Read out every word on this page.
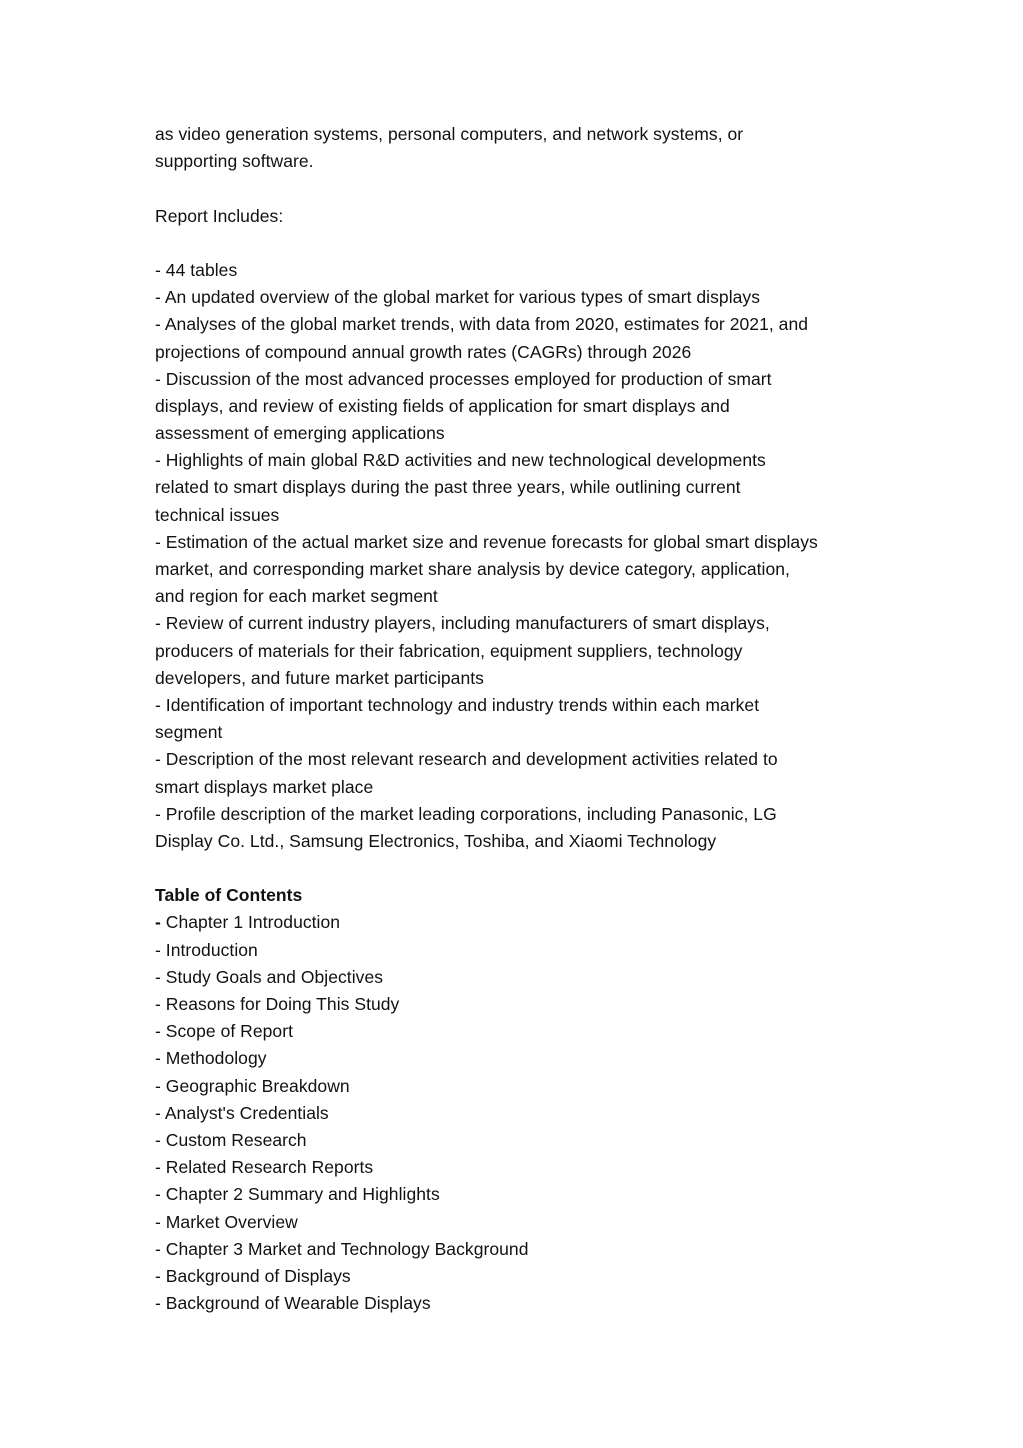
as video generation systems, personal computers, and network systems, or
supporting software.
Report Includes:
- 44 tables
- An updated overview of the global market for various types of smart displays
- Analyses of the global market trends, with data from 2020, estimates for 2021, and
projections of compound annual growth rates (CAGRs) through 2026
- Discussion of the most advanced processes employed for production of smart
displays, and review of existing fields of application for smart displays and
assessment of emerging applications
- Highlights of main global R&D activities and new technological developments
related to smart displays during the past three years, while outlining current
technical issues
- Estimation of the actual market size and revenue forecasts for global smart displays
market, and corresponding market share analysis by device category, application,
and region for each market segment
- Review of current industry players, including manufacturers of smart displays,
producers of materials for their fabrication, equipment suppliers, technology
developers, and future market participants
- Identification of important technology and industry trends within each market
segment
- Description of the most relevant research and development activities related to
smart displays market place
- Profile description of the market leading corporations, including Panasonic, LG
Display Co. Ltd., Samsung Electronics, Toshiba, and Xiaomi Technology
Table of Contents
- Chapter 1 Introduction
- Introduction
- Study Goals and Objectives
- Reasons for Doing This Study
- Scope of Report
- Methodology
- Geographic Breakdown
- Analyst's Credentials
- Custom Research
- Related Research Reports
- Chapter 2 Summary and Highlights
- Market Overview
- Chapter 3 Market and Technology Background
- Background of Displays
- Background of Wearable Displays
